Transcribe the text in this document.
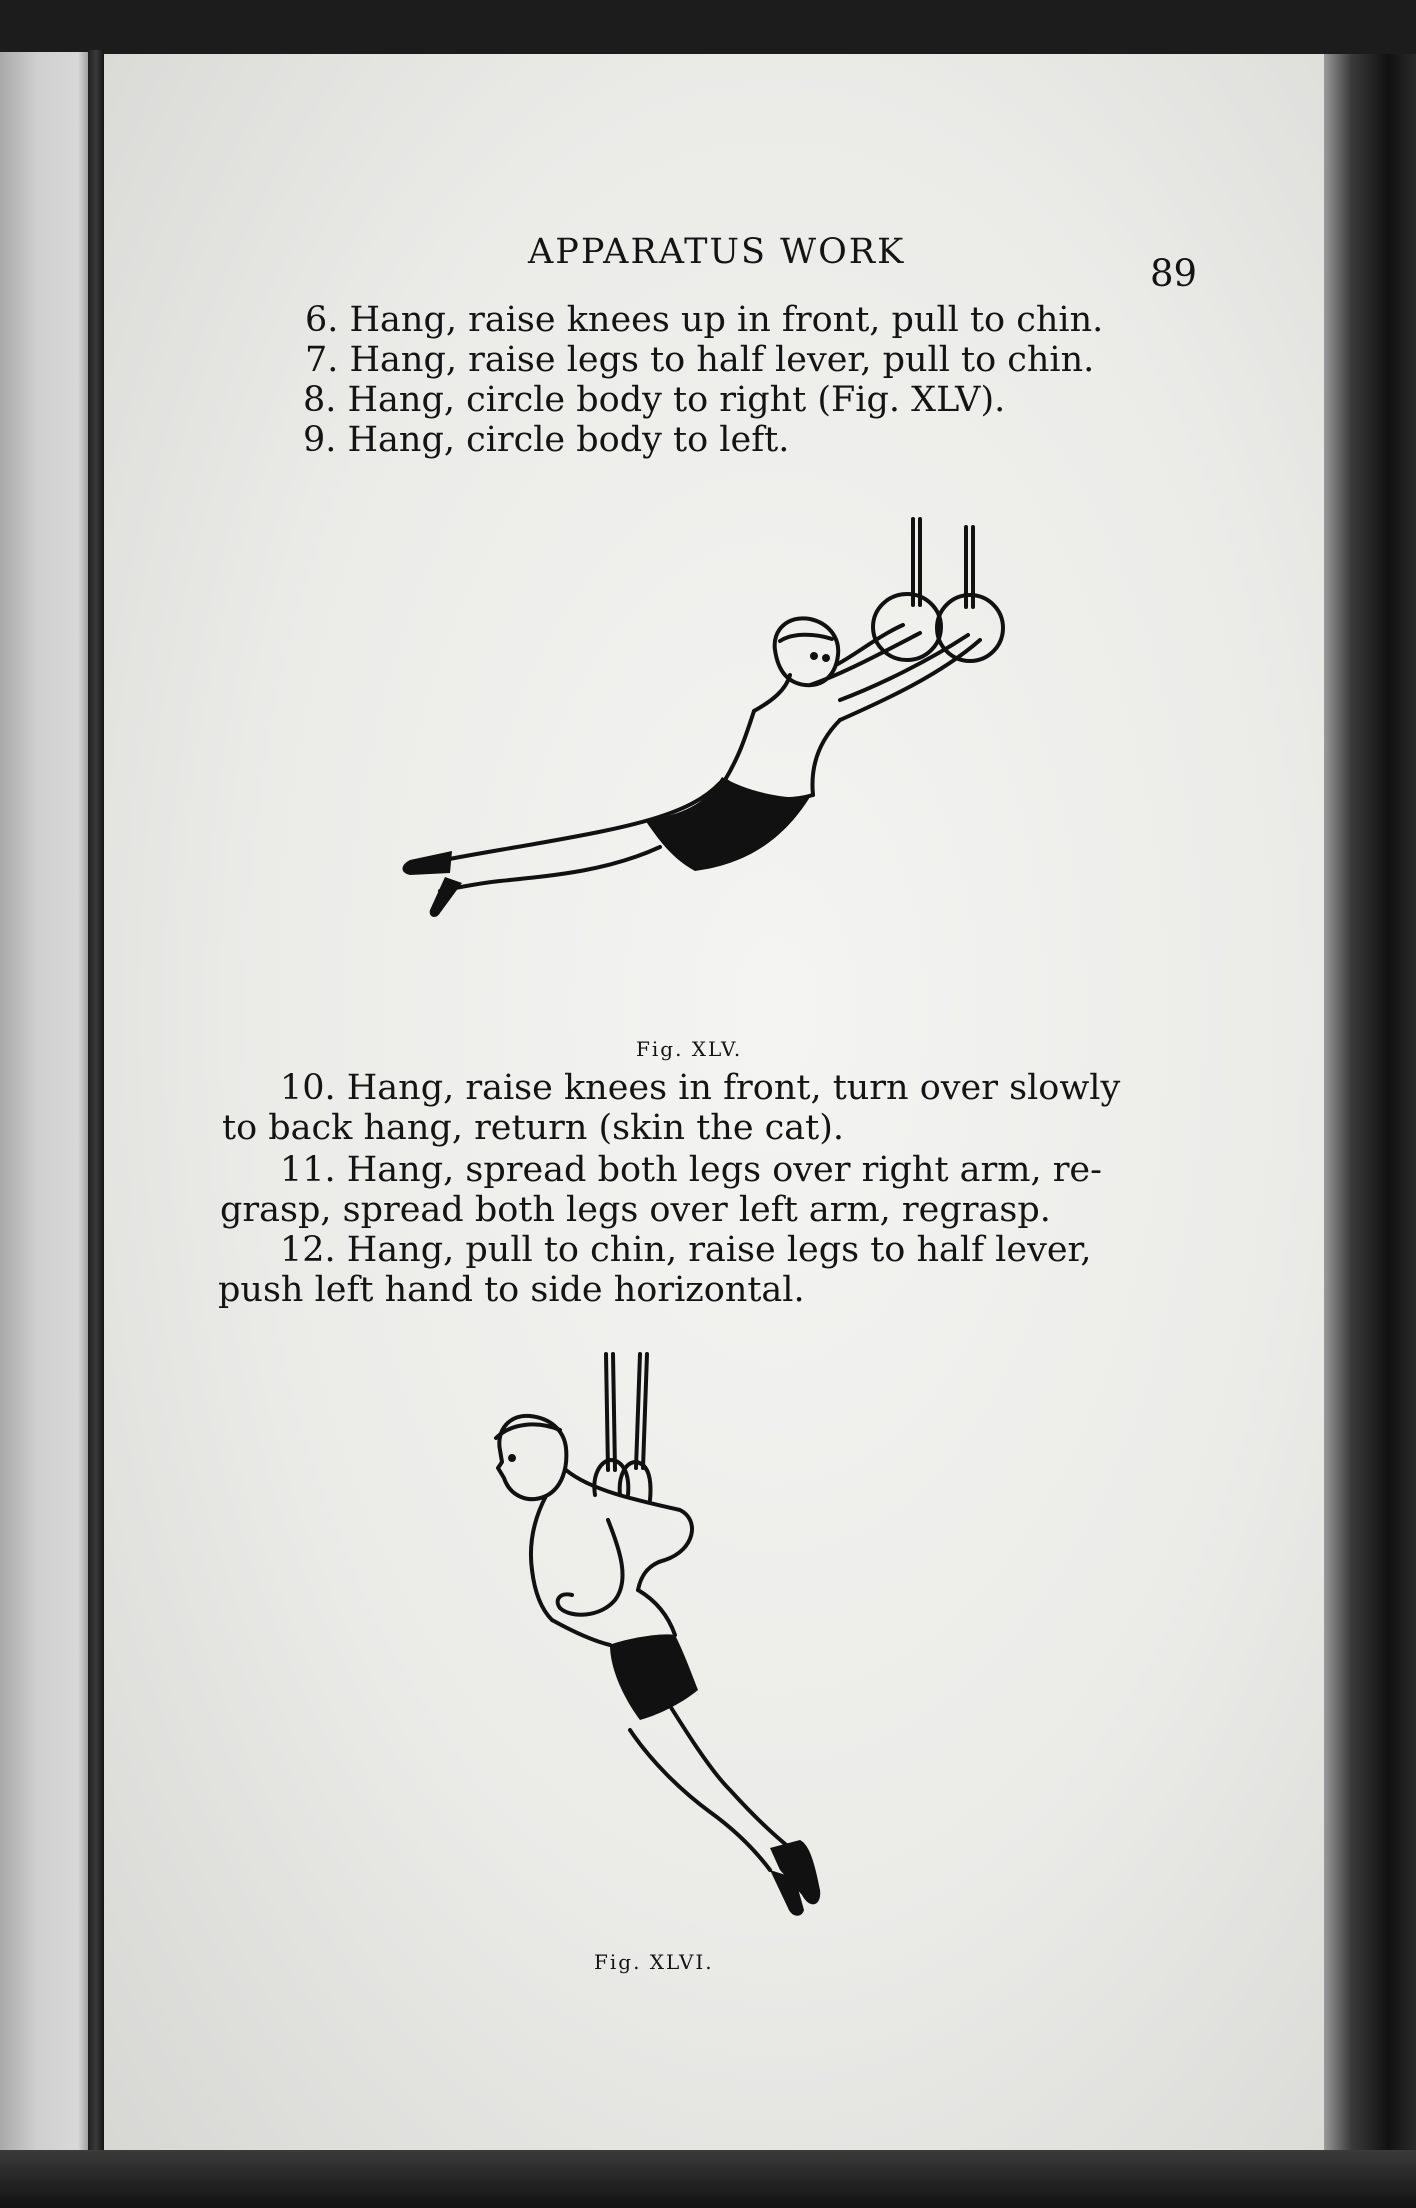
APPARATUS WORK	89
6. Hang, raise knees up in front, pull to chin.
7. Hang, raise legs to half lever, pull to chin.
8. Hang, circle body to right (Fig. XLV).
9. Hang, circle body to left.
Fig. XLV.
10. Hang, raise knees in front, turn over slowly
to back hang, return (skin the cat).
11. Hang, spread both legs over right arm, re-
grasp, spread both legs over left arm, regrasp.
12. Hang, pull to chin, raise legs to half lever,
push left hand to side horizontal.
Fig. XLVI.
